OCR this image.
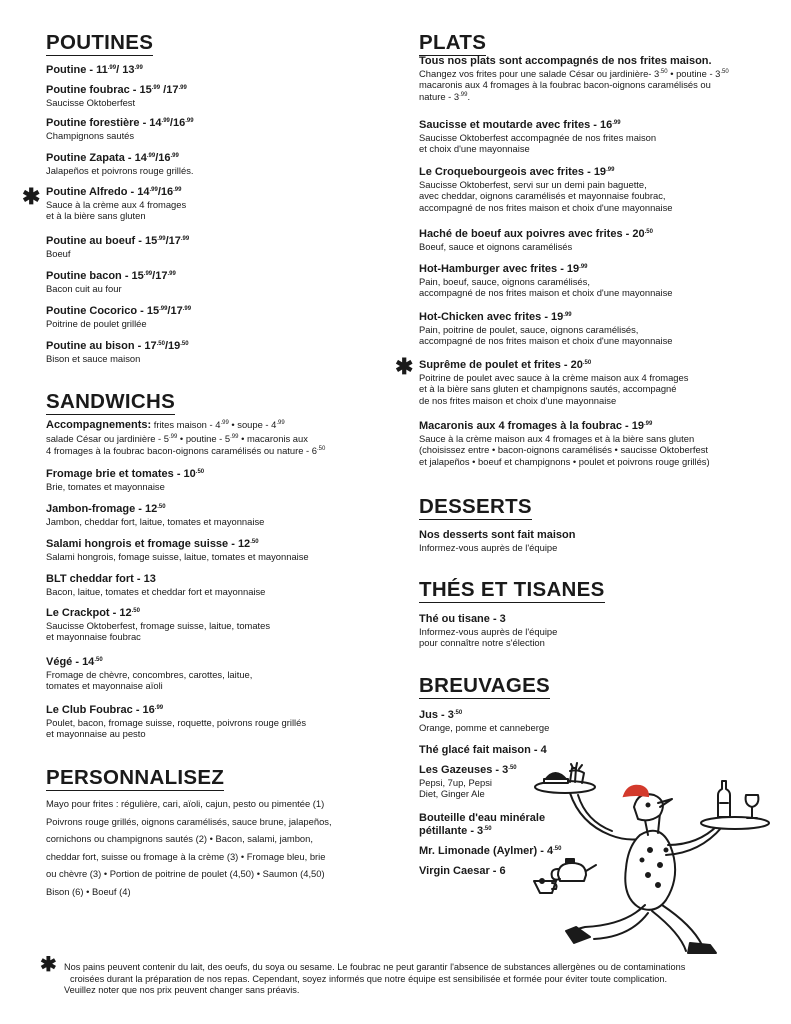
POUTINES
Poutine - $11^{.99}/$ $13^{.99}$
Poutine foubrac - $15^{.99}$ $/17^{.99}$
Saucisse Oktoberfest
Poutine forestière - $14^{.99}/16^{.99}$
Champignons sautés
Poutine Zapata - $14^{.99}/16^{.99}$
Jalapeños et poivrons rouge grillés.
Poutine Alfredo - $14^{.99}/16^{.99}$
Sauce à la crème aux 4 fromages
et à la bière sans gluten
Poutine au boeuf - $15^{.99}/17^{.99}$
Boeuf
Poutine bacon - $15^{.99}/17^{.99}$
Bacon cuit au four
Poutine Cocorico - $15^{.99}/17^{.99}$
Poitrine de poulet grillée
Poutine au bison - $17^{.50}/19^{.50}$
Bison et sauce maison
SANDWICHS
Accompagnements: frites maison - $4^{.99}$ • soupe - $4^{.99}$
salade César ou jardinière - $5^{.99}$ • poutine - $5^{.99}$ • macaronis aux
4 fromages à la foubrac bacon-oignons caramélisés ou nature - $6^{.50}$
Fromage brie et tomates - $10^{.50}$
Brie, tomates et mayonnaise
Jambon-fromage - $12^{.50}$
Jambon, cheddar fort, laitue, tomates et mayonnaise
Salami hongrois et fromage suisse - $12^{.50}$
Salami hongrois, fomage suisse, laitue, tomates et mayonnaise
BLT cheddar fort - 13
Bacon, laitue, tomates et cheddar fort et mayonnaise
Le Crackpot - $12^{.50}$
Saucisse Oktoberfest, fromage suisse, laitue, tomates
et mayonnaise foubrac
Végé - $14^{.50}$
Fromage de chèvre, concombres, carottes, laitue,
tomates et mayonnaise aïoli
Le Club Foubrac - $16^{.99}$
Poulet, bacon, fromage suisse, roquette, poivrons rouge grillés
et mayonnaise au pesto
PERSONNALISEZ
Mayo pour frites : régulière, cari, aïoli, cajun, pesto ou pimentée (1)
Poivrons rouge grillés, oignons caramélisés, sauce brune, jalapeños,
cornichons ou champignons sautés (2) • Bacon, salami, jambon,
cheddar fort, suisse ou fromage à la crème (3) • Fromage bleu, brie
ou chèvre (3) • Portion de poitrine de poulet (4,50) • Saumon (4,50)
Bison (6) • Boeuf (4)
✱
✱
✱
PLATS
Tous nos plats sont accompagnés de nos frites maison.
Changez vos frites pour une salade César ou jardinière- $3^{.50}$ • poutine - $3^{.50}$
macaronis aux 4 fromages à la foubrac bacon-oignons caramélisés ou
nature - $3^{.99}$.
Saucisse et moutarde avec frites - $16^{.99}$
Saucisse Oktoberfest accompagnée de nos frites maison
et choix d'une mayonnaise
Le Croquebourgeois avec frites - $19^{.99}$
Saucisse Oktoberfest, servi sur un demi pain baguette,
avec cheddar, oignons caramélisés et mayonnaise foubrac,
accompagné de nos frites maison et choix d'une mayonnaise
Haché de boeuf aux poivres avec frites - $20^{.50}$
Boeuf, sauce et oignons caramélisés
Hot-Hamburger avec frites - $19^{.99}$
Pain, boeuf, sauce, oignons caramélisés,
accompagné de nos frites maison et choix d'une mayonnaise
Hot-Chicken avec frites - $19^{.99}$
Pain, poitrine de poulet, sauce, oignons caramélisés,
accompagné de nos frites maison et choix d'une mayonnaise
Suprême de poulet et frites - $20^{.50}$
Poitrine de poulet avec sauce à la crème maison aux 4 fromages
et à la bière sans gluten et champignons sautés, accompagné
de nos frites maison et choix d'une mayonnaise
Macaronis aux 4 fromages à la foubrac - $19^{.99}$
Sauce à la crème maison aux 4 fromages et à la bière sans gluten
(choisissez entre • bacon-oignons caramélisés • saucisse Oktoberfest
et jalapeños • boeuf et champignons • poulet et poivrons rouge grillés)
DESSERTS
Nos desserts sont fait maison
Informez-vous auprès de l'équipe
THÉS ET TISANES
Thé ou tisane - 3
Informez-vous auprès de l'équipe
pour connaître notre s'élection
BREUVAGES
Jus - $3^{.50}$
Orange, pomme et canneberge
Thé glacé fait maison - 4
Les Gazeuses - $3^{.50}$
Pepsi, 7up, Pepsi
Diet, Ginger Ale
Bouteille d'eau minérale
pétillante - $3^{.50}$
Mr. Limonade (Aylmer) - $4^{.50}$
Virgin Caesar - 6
Nos pains peuvent contenir du lait, des oeufs, du soya ou sesame. Le foubrac ne peut garantir l'absence de substances allergènes ou de contaminations
croisées durant la préparation de nos repas. Cependant, soyez informés que notre équipe est sensibilisée et formée pour éviter toute complication.
Veuillez noter que nos prix peuvent changer sans préavis.
